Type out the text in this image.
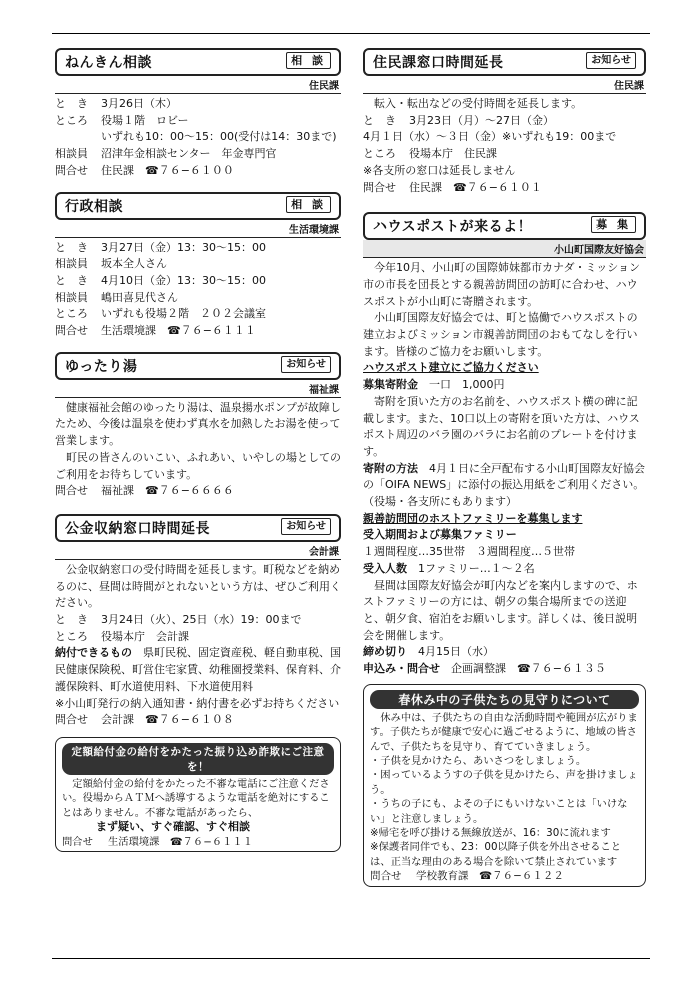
ねんきん相談	相 談
住民課
と　き 3月26日（木）
ところ 役場１階　ロビー
いずれも10：00〜15：00(受付は14：30まで)
相談員 沼津年金相談センター　年金専門官
問合せ 住民課　☎７６−６１００
行政相談	相 談
生活環境課
と　き 3月27日（金）13：30〜15：00
相談員 坂本全人さん
と　き 4月10日（金）13：30〜15：00
相談員 嶋田喜見代さん
ところ いずれも役場２階　２０２会議室
問合せ 生活環境課　☎７６−６１１１
ゆったり湯	お知らせ
福祉課
健康福祉会館のゆったり湯は、温泉揚水ポンプが故障したため、今後は温泉を使わず真水を加熱したお湯を使って営業します。
町民の皆さんのいこい、ふれあい、いやしの場としてのご利用をお待ちしています。
問合せ 福祉課　☎７６−６６６６
公金収納窓口時間延長	お知らせ
会計課
公金収納窓口の受付時間を延長します。町税などを納めるのに、昼間は時間がとれないという方は、ぜひご利用ください。
と　き 3月24日（火）、25日（水）19：00まで
ところ 役場本庁　会計課
納付できるもの　 県町民税、固定資産税、軽自動車税、国民健康保険税、町営住宅家賃、幼稚園授業料、保育料、介護保険料、町水道使用料、下水道使用料
※小山町発行の納入通知書・納付書を必ずお持ちください
問合せ 会計課　☎７６−６１０８
定額給付金の給付をかたった振り込め詐欺にご注意を！
定額給付金の給付をかたった不審な電話にご注意ください。役場からＡＴＭへ誘導するような電話を絶対にすることはありません。不審な電話があったら、
まず疑い、すぐ確認、すぐ相談
問合せ 生活環境課　☎７６−６１１１
住民課窓口時間延長	お知らせ
住民課
転入・転出などの受付時間を延長します。
と　き 3月23日（月）〜27日（金）
4月１日（水）〜３日（金）※いずれも19：00まで
ところ 役場本庁　住民課
※各支所の窓口は延長しません
問合せ 住民課　☎７６−６１０１
ハウスポストが来るよ！	募 集
小山町国際友好協会
今年10月、小山町の国際姉妹都市カナダ・ミッション市の市長を団長とする親善訪問団の訪町に合わせ、ハウスポストが小山町に寄贈されます。
小山町国際友好協会では、町と協働でハウスポストの建立およびミッション市親善訪問団のおもてなしを行います。皆様のご協力をお願いします。
ハウスポスト建立にご協力ください
募集寄附金　 一口　1,000円
寄附を頂いた方のお名前を、ハウスポスト横の碑に記載します。また、10口以上の寄附を頂いた方は、ハウスポスト周辺のバラ園のバラにお名前のプレートを付けます。
寄附の方法　 4月１日に全戸配布する小山町国際友好協会の「OIFA NEWS」に添付の振込用紙をご利用ください。（役場・各支所にもあります）
親善訪問団のホストファミリーを募集します
受入期間および募集ファミリー
１週間程度…35世帯　 ３週間程度…５世帯
受入人数　 1ファミリー…１〜２名
昼間は国際友好協会が町内などを案内しますので、ホストファミリーの方には、朝夕の集合場所までの送迎と、朝夕食、宿泊をお願いします。詳しくは、後日説明会を開催します。
締め切り　 4月15日（水）
申込み・問合せ　 企画調整課　☎７６−６１３５
春休み中の子供たちの見守りについて
休み中は、子供たちの自由な活動時間や範囲が広がります。子供たちが健康で安心に過ごせるように、地域の皆さんで、子供たちを見守り、育てていきましょう。
・子供を見かけたら、あいさつをしましょう。
・困っているようすの子供を見かけたら、声を掛けましょう。
・うちの子にも、よその子にもいけないことは「いけない」と注意しましょう。
※帰宅を呼び掛ける無線放送が、16：30に流れます
※保護者同伴でも、23：00以降子供を外出させることは、正当な理由のある場合を除いて禁止されています
問合せ 学校教育課　☎７６−６１２２
